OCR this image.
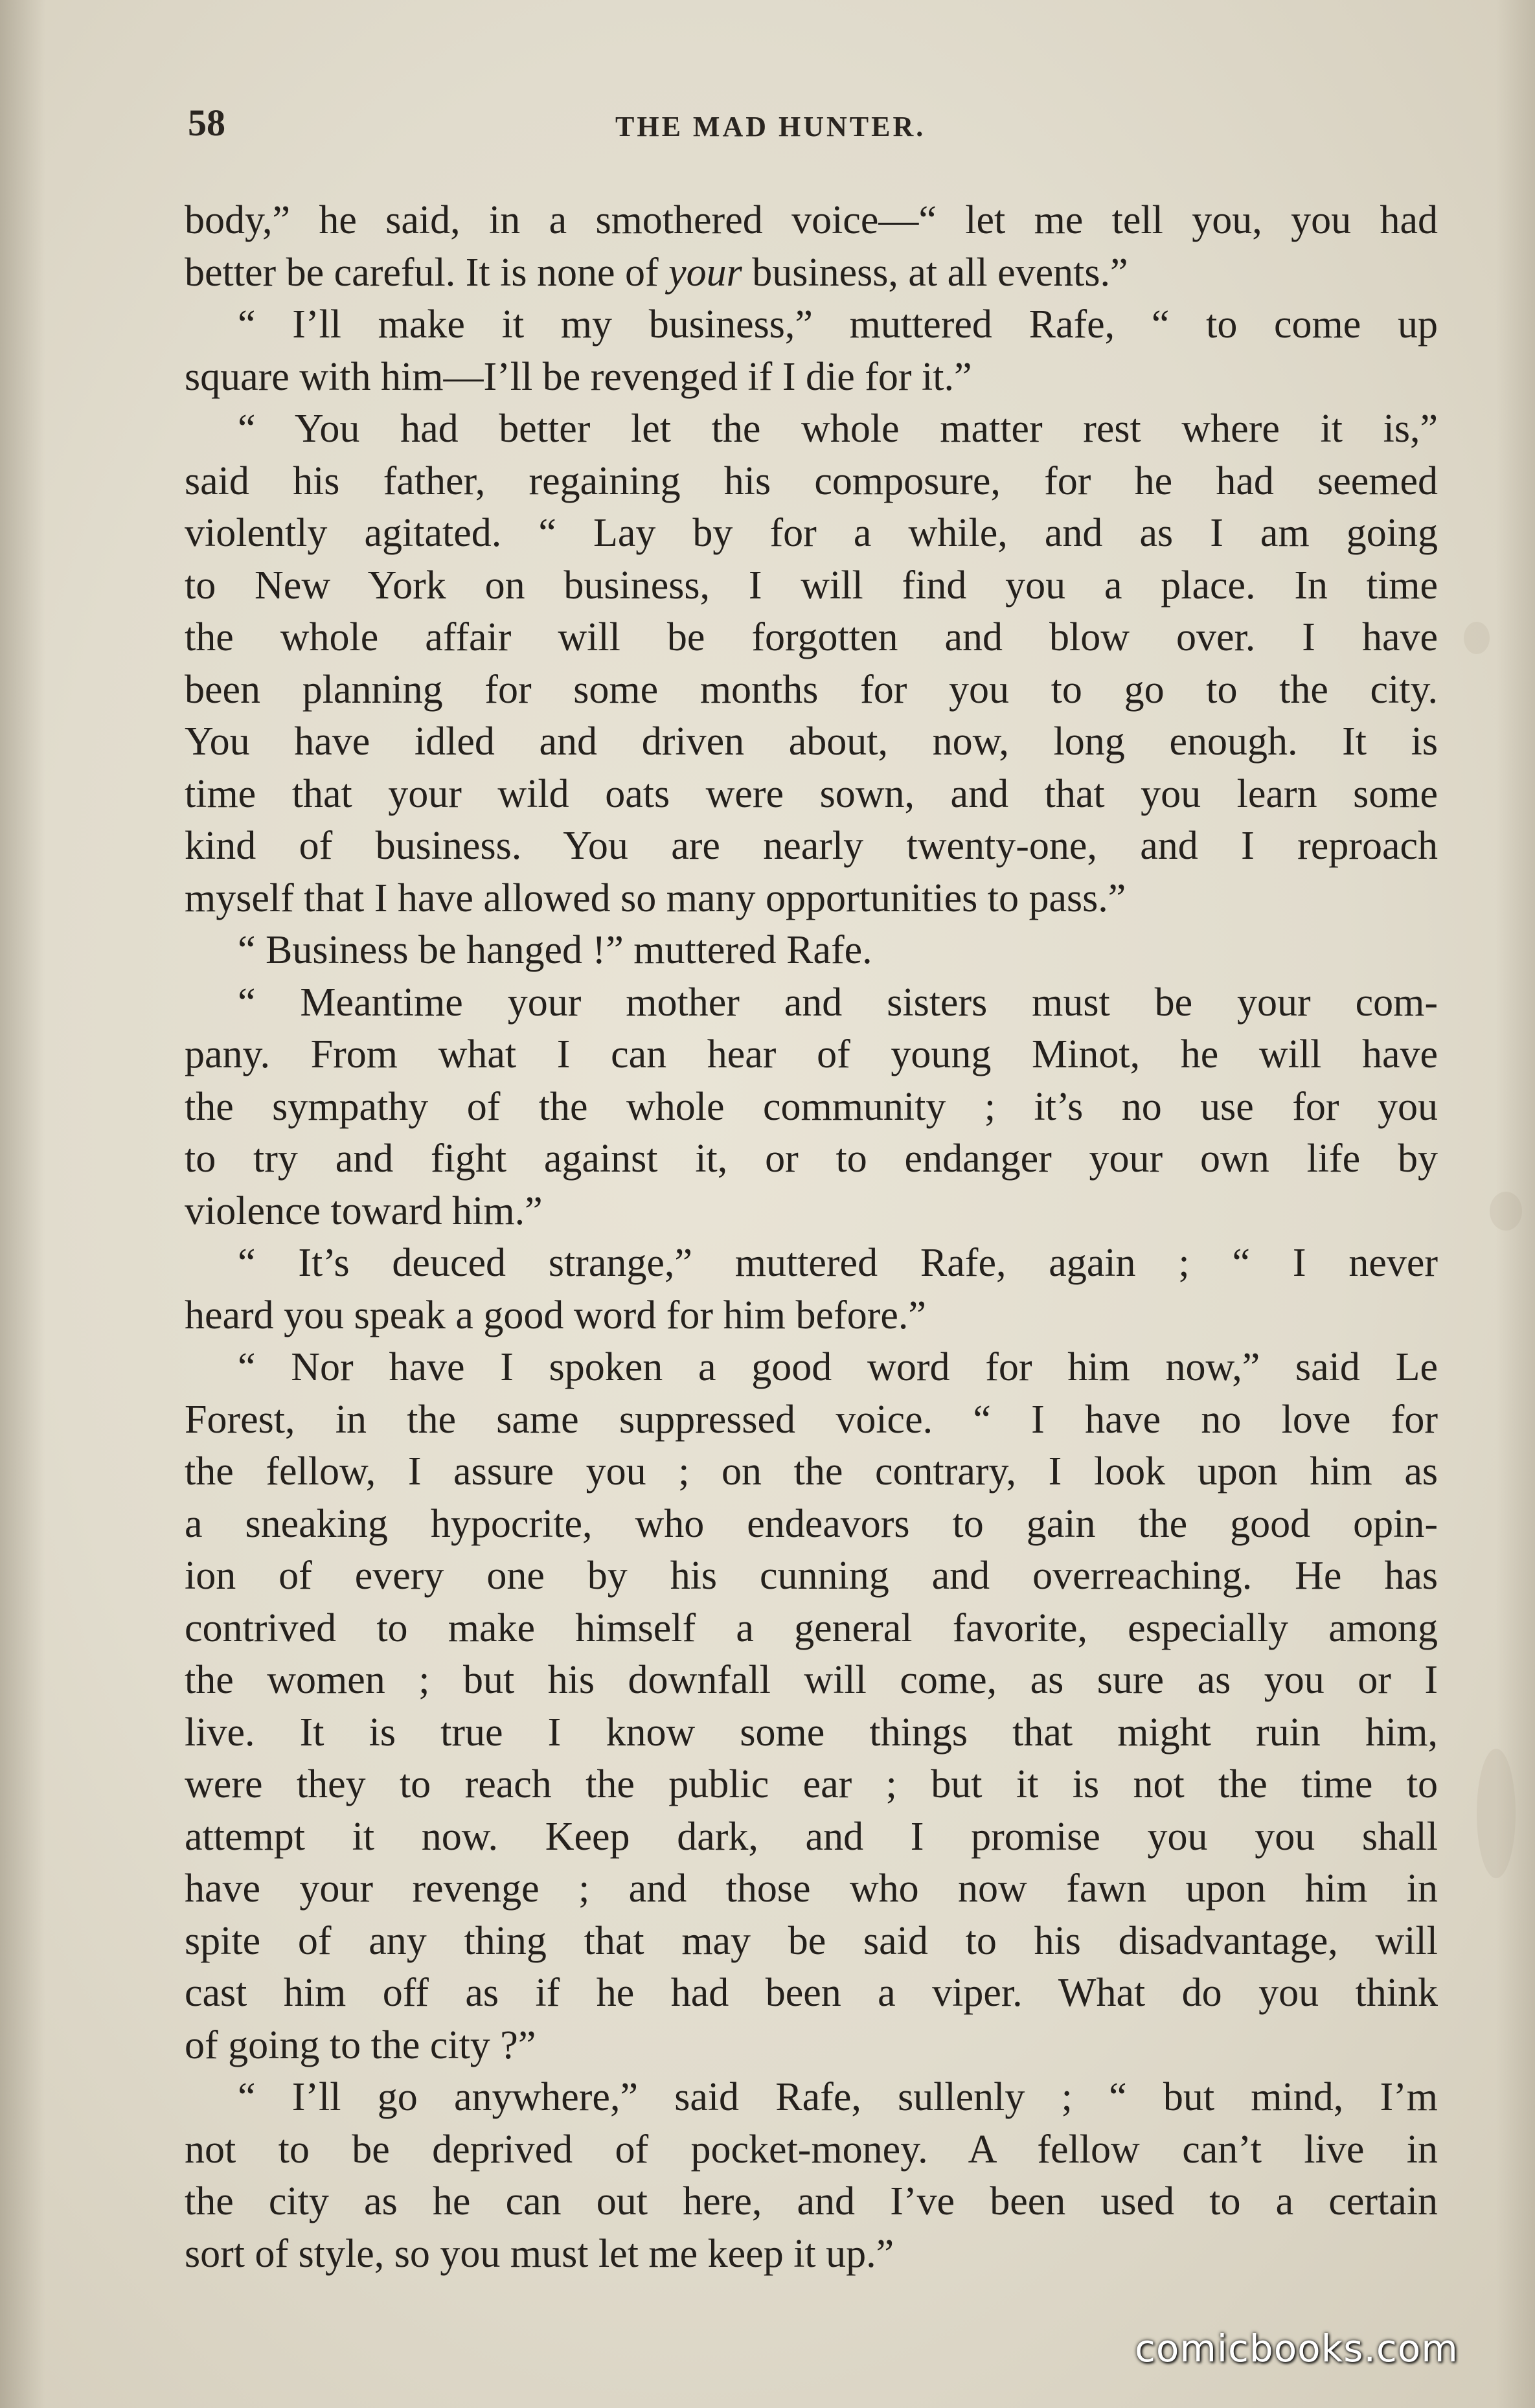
58	THE MAD HUNTER.
body,” he said, in a smothered voice—“ let me tell you, you had
better be careful. It is none of your business, at all events.”
“ I’ll make it my business,” muttered Rafe, “ to come up
square with him—I’ll be revenged if I die for it.”
“ You had better let the whole matter rest where it is,”
said his father, regaining his composure, for he had seemed
violently agitated. “ Lay by for a while, and as I am going
to New York on business, I will find you a place. In time
the whole affair will be forgotten and blow over. I have
been planning for some months for you to go to the city.
You have idled and driven about, now, long enough. It is
time that your wild oats were sown, and that you learn some
kind of business. You are nearly twenty-one, and I reproach
myself that I have allowed so many opportunities to pass.”
“ Business be hanged !” muttered Rafe.
“ Meantime your mother and sisters must be your com-
pany. From what I can hear of young Minot, he will have
the sympathy of the whole community ; it’s no use for you
to try and fight against it, or to endanger your own life by
violence toward him.”
“ It’s deuced strange,” muttered Rafe, again ; “ I never
heard you speak a good word for him before.”
“ Nor have I spoken a good word for him now,” said Le
Forest, in the same suppressed voice. “ I have no love for
the fellow, I assure you ; on the contrary, I look upon him as
a sneaking hypocrite, who endeavors to gain the good opin-
ion of every one by his cunning and overreaching. He has
contrived to make himself a general favorite, especially among
the women ; but his downfall will come, as sure as you or I
live. It is true I know some things that might ruin him,
were they to reach the public ear ; but it is not the time to
attempt it now. Keep dark, and I promise you you shall
have your revenge ; and those who now fawn upon him in
spite of any thing that may be said to his disadvantage, will
cast him off as if he had been a viper. What do you think
of going to the city ?”
“ I’ll go anywhere,” said Rafe, sullenly ; “ but mind, I’m
not to be deprived of pocket-money. A fellow can’t live in
the city as he can out here, and I’ve been used to a certain
sort of style, so you must let me keep it up.”
comicbooks.com
